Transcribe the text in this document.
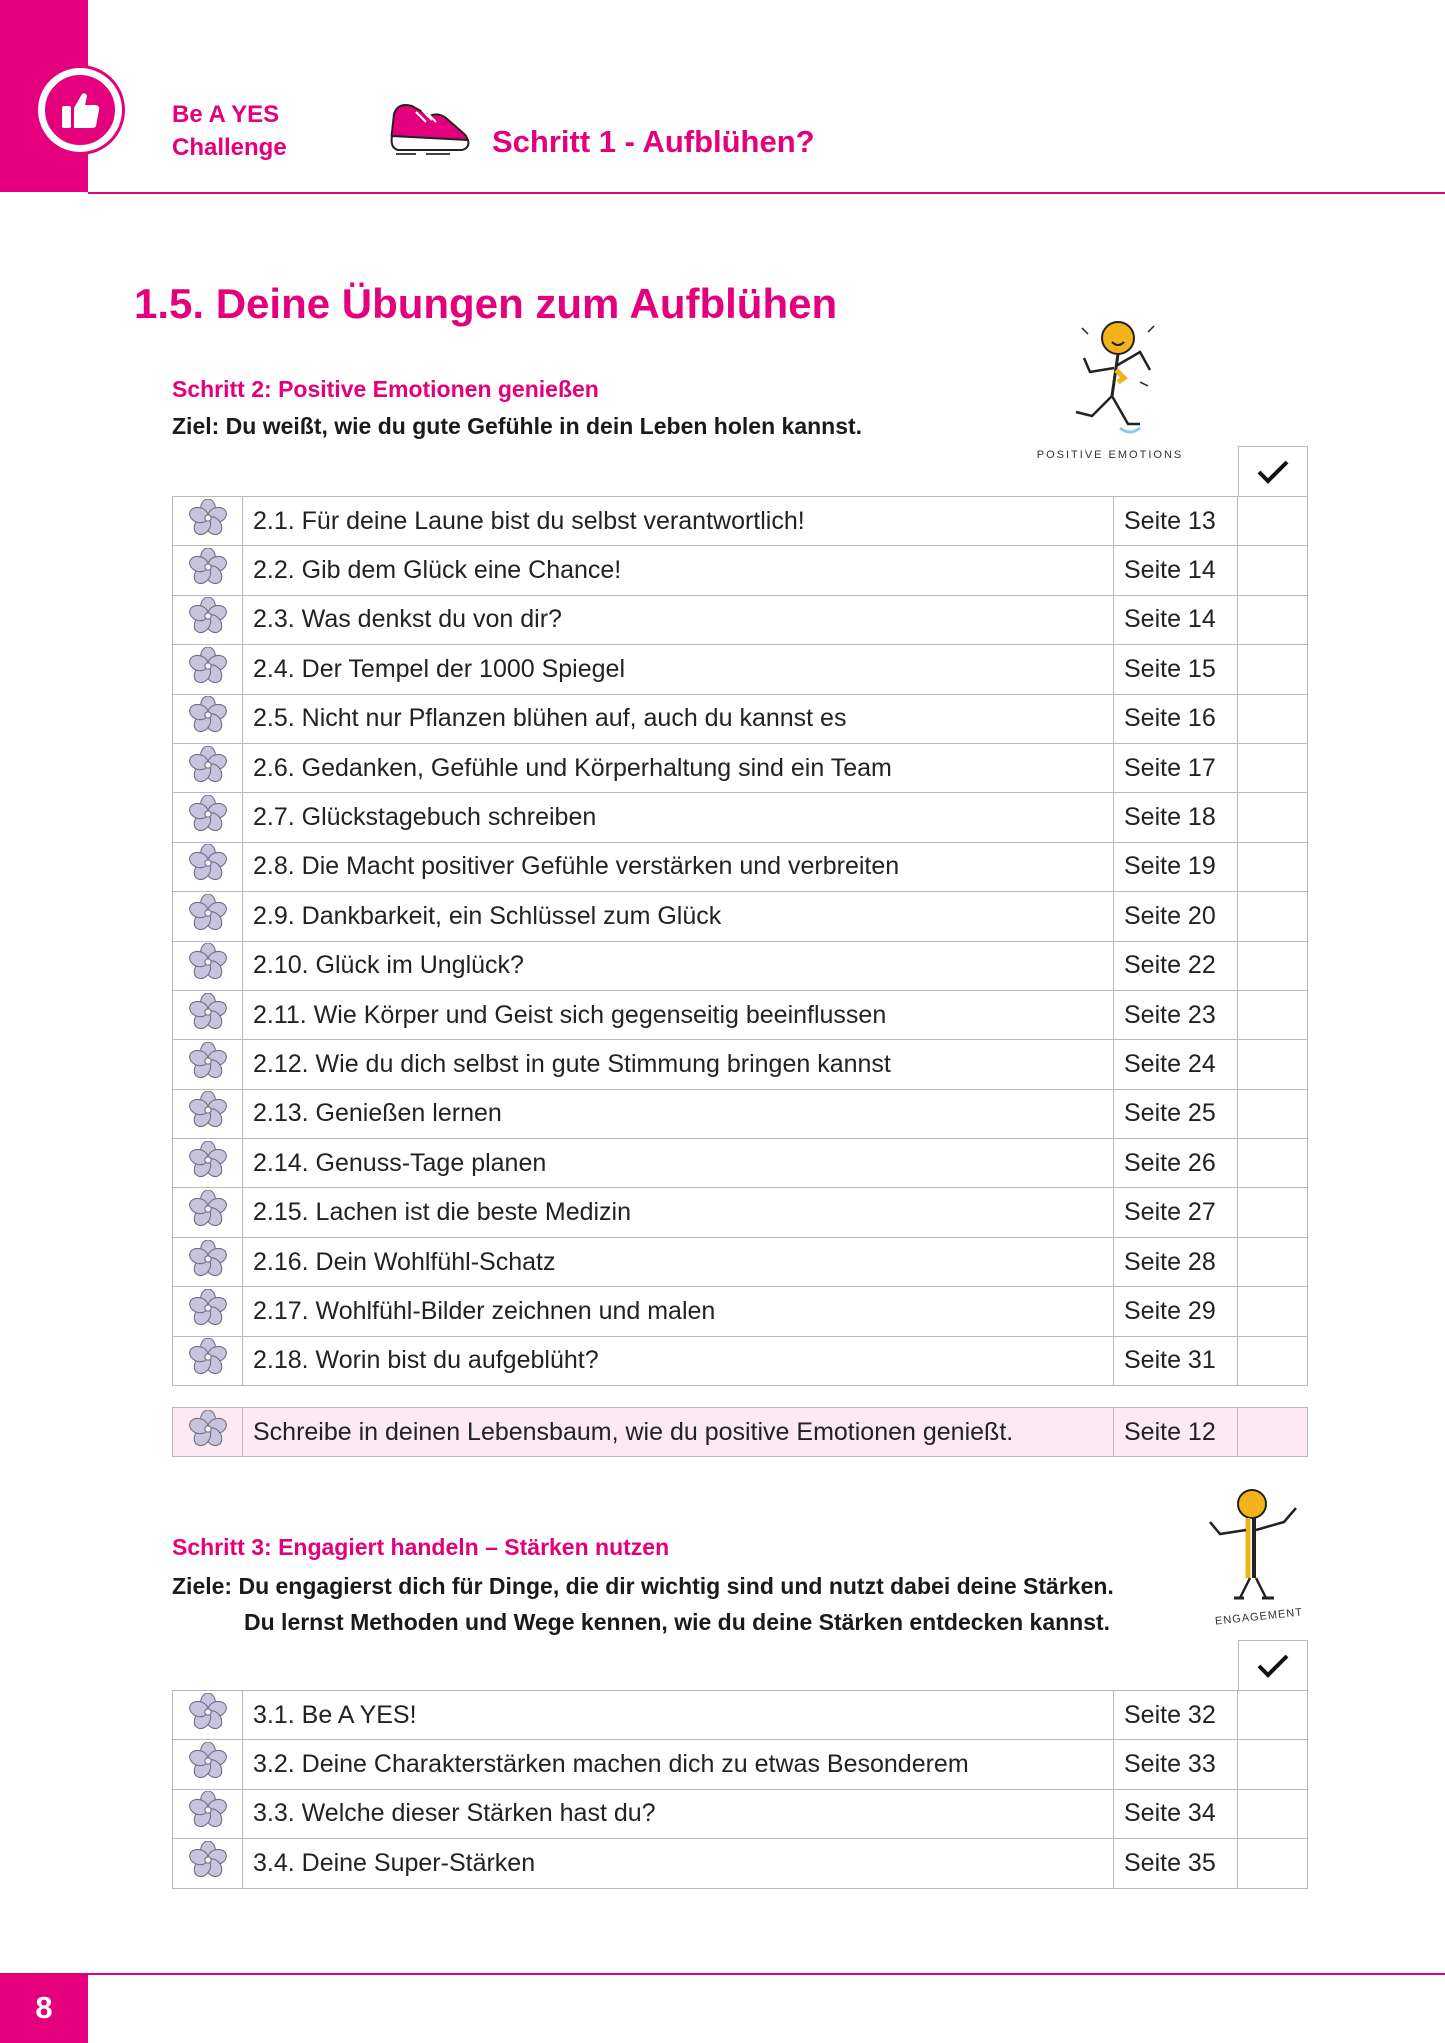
Be A YES
Challenge	Schritt 1 - Aufblühen?
1.5. Deine Übungen zum Aufblühen
Schritt 2: Positive Emotionen genießen
Ziel: Du weißt, wie du gute Gefühle in dein Leben holen kannst.
POSITIVE EMOTIONS
	2.1. Für deine Laune bist du selbst verantwortlich!	Seite 13	
	2.2. Gib dem Glück eine Chance!	Seite 14	
	2.3. Was denkst du von dir?	Seite 14	
	2.4. Der Tempel der 1000 Spiegel	Seite 15	
	2.5. Nicht nur Pflanzen blühen auf, auch du kannst es	Seite 16	
	2.6. Gedanken, Gefühle und Körperhaltung sind ein Team	Seite 17	
	2.7. Glückstagebuch schreiben	Seite 18	
	2.8. Die Macht positiver Gefühle verstärken und verbreiten	Seite 19	
	2.9. Dankbarkeit, ein Schlüssel zum Glück	Seite 20	
	2.10. Glück im Unglück?	Seite 22	
	2.11. Wie Körper und Geist sich gegenseitig beeinflussen	Seite 23	
	2.12. Wie du dich selbst in gute Stimmung bringen kannst	Seite 24	
	2.13. Genießen lernen	Seite 25	
	2.14. Genuss-Tage planen	Seite 26	
	2.15. Lachen ist die beste Medizin	Seite 27	
	2.16. Dein Wohlfühl-Schatz	Seite 28	
	2.17. Wohlfühl-Bilder zeichnen und malen	Seite 29	
	2.18. Worin bist du aufgeblüht?	Seite 31	
	Schreibe in deinen Lebensbaum, wie du positive Emotionen genießt.	Seite 12	
Schritt 3: Engagiert handeln – Stärken nutzen
Ziele: Du engagierst dich für Dinge, die dir wichtig sind und nutzt dabei deine Stärken.
Du lernst Methoden und Wege kennen, wie du deine Stärken entdecken kannst.	ENGAGEMENT
	3.1. Be A YES!	Seite 32	
	3.2. Deine Charakterstärken machen dich zu etwas Besonderem	Seite 33	
	3.3. Welche dieser Stärken hast du?	Seite 34	
	3.4. Deine Super-Stärken	Seite 35	
8
